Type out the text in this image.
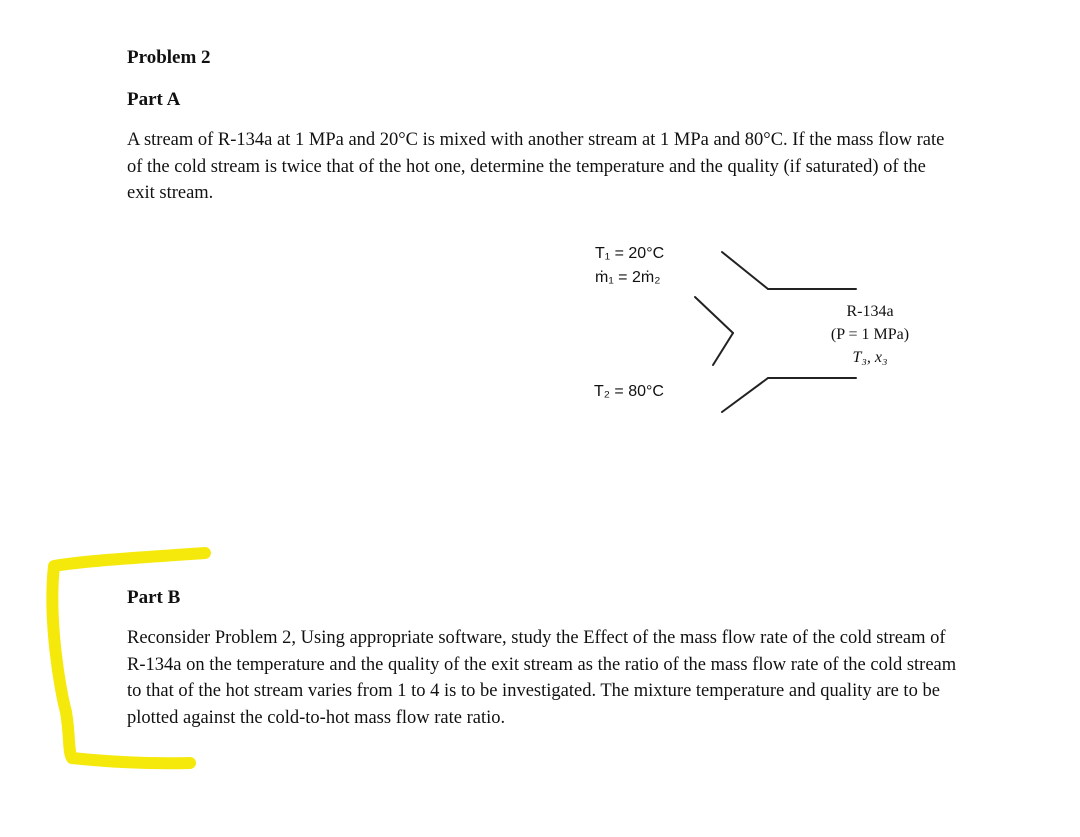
Problem 2
Part A
A stream of R-134a at 1 MPa and 20°C is mixed with another stream at 1 MPa and 80°C. If the mass flow rate of the cold stream is twice that of the hot one, determine the temperature and the quality (if saturated) of the exit stream.
T₁ = 20°C
ṁ₁ = 2ṁ₂
T₂ = 80°C
R-134a
(P = 1 MPa)
T₃, x₃
Part B
Reconsider Problem 2, Using appropriate software, study the Effect of the mass flow rate of the cold stream of R-134a on the temperature and the quality of the exit stream as the ratio of the mass flow rate of the cold stream to that of the hot stream varies from 1 to 4 is to be investigated. The mixture temperature and quality are to be plotted against the cold-to-hot mass flow rate ratio.
